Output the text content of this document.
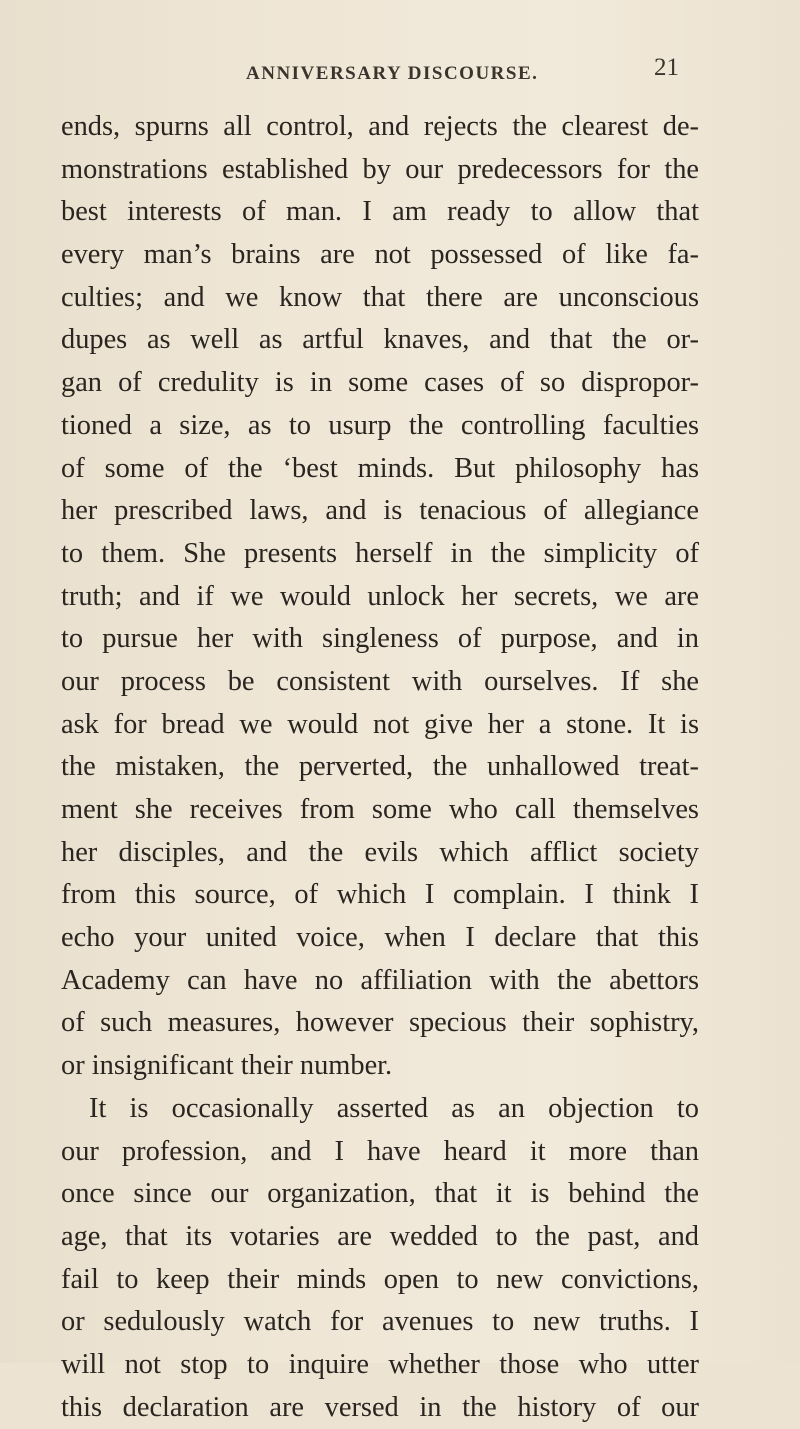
ANNIVERSARY DISCOURSE.	21
ends, spurns all control, and rejects the clearest de-
monstrations established by our predecessors for the
best interests of man. I am ready to allow that
every man’s brains are not possessed of like fa-
culties; and we know that there are unconscious
dupes as well as artful knaves, and that the or-
gan of credulity is in some cases of so dispropor-
tioned a size, as to usurp the controlling faculties
of some of the ‘best minds. But philosophy has
her prescribed laws, and is tenacious of allegiance
to them. She presents herself in the simplicity of
truth; and if we would unlock her secrets, we are
to pursue her with singleness of purpose, and in
our process be consistent with ourselves. If she
ask for bread we would not give her a stone. It is
the mistaken, the perverted, the unhallowed treat-
ment she receives from some who call themselves
her disciples, and the evils which afflict society
from this source, of which I complain. I think I
echo your united voice, when I declare that this
Academy can have no affiliation with the abettors
of such measures, however specious their sophistry,
or insignificant their number.
It is occasionally asserted as an objection to
our profession, and I have heard it more than
once since our organization, that it is behind the
age, that its votaries are wedded to the past, and
fail to keep their minds open to new convictions,
or sedulously watch for avenues to new truths. I
will not stop to inquire whether those who utter
this declaration are versed in the history of our
